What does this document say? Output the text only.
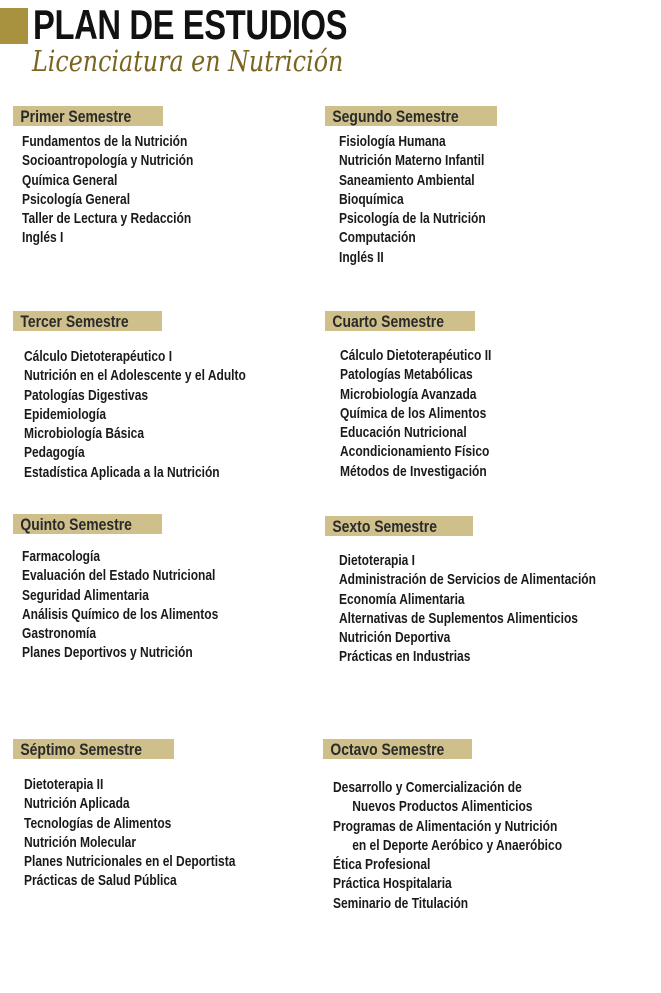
PLAN DE ESTUDIOS
Licenciatura en Nutrición
Primer Semestre
Fundamentos de la Nutrición
Socioantropología y Nutrición
Química General
Psicología General
Taller de Lectura y Redacción
Inglés I
Segundo Semestre
Fisiología Humana
Nutrición Materno Infantil
Saneamiento Ambiental
Bioquímica
Psicología de la Nutrición
Computación
Inglés II
Tercer Semestre
Cálculo Dietoterapéutico I
Nutrición en el Adolescente y el Adulto
Patologías Digestivas
Epidemiología
Microbiología Básica
Pedagogía
Estadística Aplicada a la Nutrición
Cuarto Semestre
Cálculo Dietoterapéutico II
Patologías Metabólicas
Microbiología Avanzada
Química de los Alimentos
Educación Nutricional
Acondicionamiento Físico
Métodos de Investigación
Quinto Semestre
Farmacología
Evaluación del Estado Nutricional
Seguridad Alimentaria
Análisis Químico de los Alimentos
Gastronomía
Planes Deportivos y Nutrición
Sexto Semestre
Dietoterapia I
Administración de Servicios de Alimentación
Economía Alimentaria
Alternativas de Suplementos Alimenticios
Nutrición Deportiva
Prácticas en Industrias
Séptimo Semestre
Dietoterapia II
Nutrición Aplicada
Tecnologías de Alimentos
Nutrición Molecular
Planes Nutricionales en el Deportista
Prácticas de Salud Pública
Octavo Semestre
Desarrollo y Comercialización de
Nuevos Productos Alimenticios
Programas de Alimentación y Nutrición
en el Deporte Aeróbico y Anaeróbico
Ética Profesional
Práctica Hospitalaria
Seminario de Titulación
